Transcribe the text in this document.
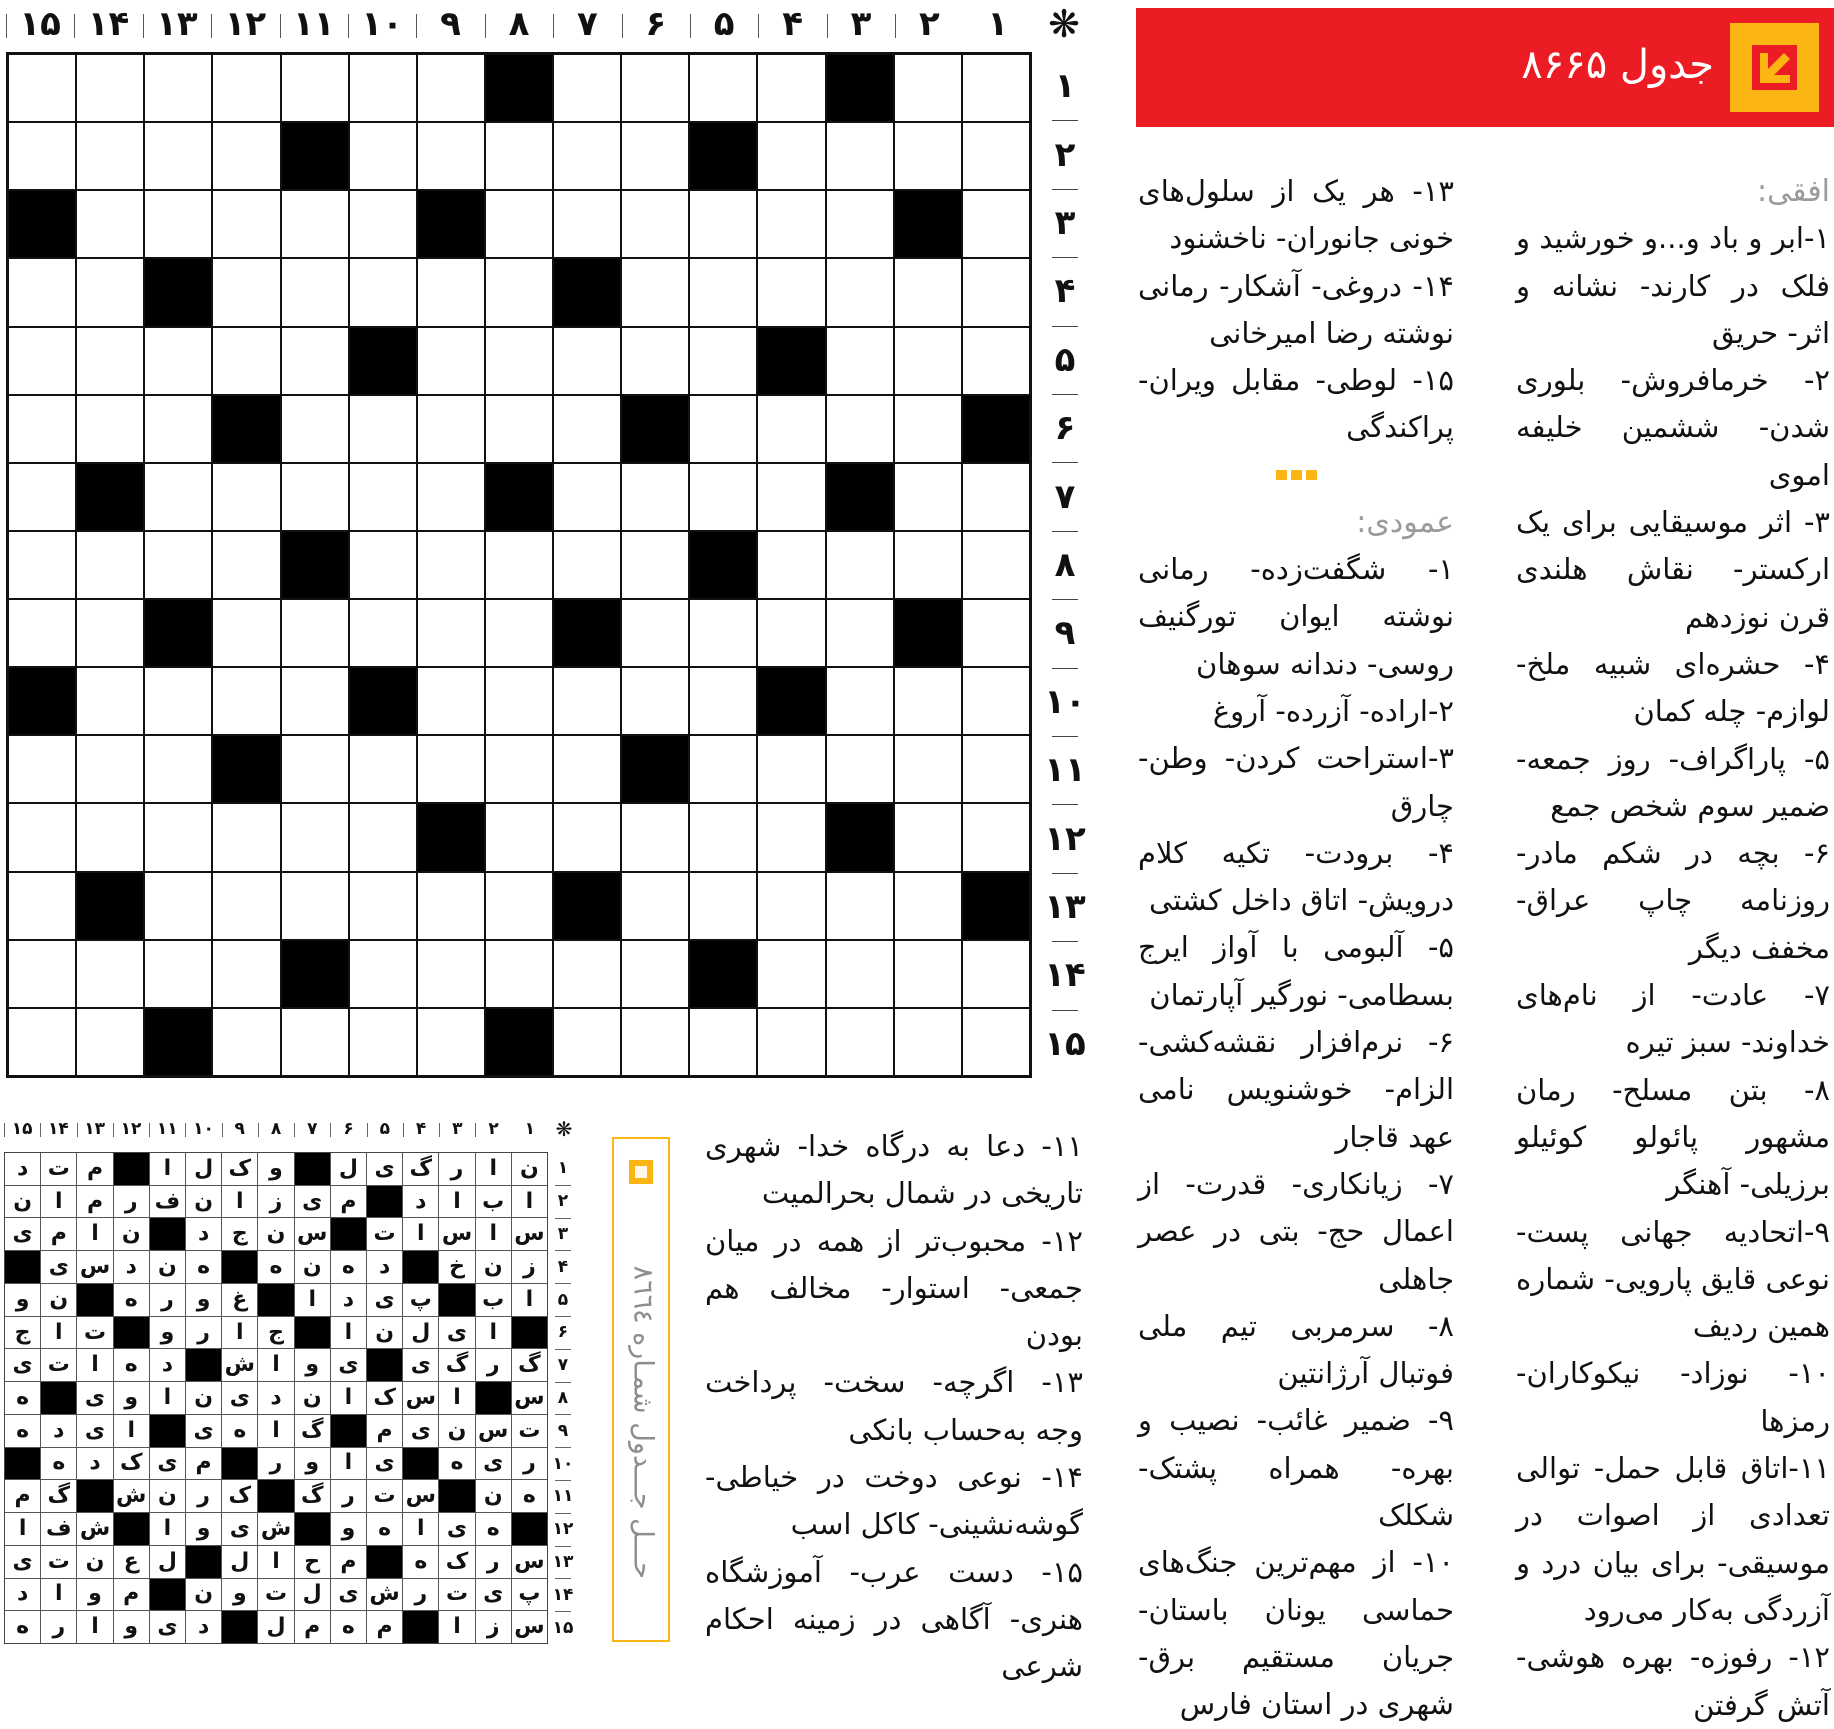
۱
۲
۳
۴
۵
۶
۷
۸
۹
۱۰
۱۱
۱۲
۱۳
۱۴
۱۵	❋
۱
۲
۳
۴
۵
۶
۷
۸
۹
۱۰
۱۱
۱۲
۱۳
۱۴
۱۵
جدول ۸۶۶۵

افقی:

۱-ابر و باد و...و خورشید و فلک در کارند- نشانه و اثر- حریق

۲- خرمافروش- بلوری شدن- ششمین خلیفه اموی

۳- اثر موسیقایی برای یک ارکستر- نقاش هلندی قرن نوزدهم

۴- حشره‌ای شبیه ملخ- لوازم- چله کمان

۵- پاراگراف- روز جمعه- ضمیر سوم شخص جمع

۶- بچه در شکم مادر- روزنامه چاپ عراق- مخفف دیگر

۷- عادت- از نام‌های خداوند- سبز تیره

۸- بتن مسلح- رمان مشهور پائولو کوئیلو برزیلی- آهنگر

۹-اتحادیه جهانی پست- نوعی قایق پارویی- شماره همین ردیف

۱۰- نوزاد- نیکوکاران- رمزها

۱۱-اتاق قابل حمل- توالی تعدادی از اصوات در موسیقی- برای بیان درد و آزردگی به‌کار می‌رود

۱۲- رفوزه- بهره هوشی- آتش گرفتن

۱۳- هر یک از سلول‌های خونی جانوران- ناخشنود

۱۴- دروغی- آشکار- رمانی نوشته رضا امیرخانی

۱۵- لوطی- مقابل ویران- پراکندگی

عمودی:

۱- شگفت‌زده- رمانی نوشته ایوان تورگنیف روسی- دندانه سوهان

۲-اراده- آزرده- آروغ

۳-استراحت کردن- وطن- چارق

۴- برودت- تکیه کلام درویش- اتاق داخل کشتی

۵- آلبومی با آواز ایرج بسطامی- نورگیر آپارتمان

۶- نرم‌افزار نقشه‌کشی- الزام- خوشنویس نامی عهد قاجار

۷- زیانکاری- قدرت- از اعمال حج- بتی در عصر جاهلی

۸- سرمربی تیم ملی فوتبال آرژانتین

۹- ضمیر غائب- نصیب و بهره- همراه پشتک- شکلک

۱۰- از مهم‌ترین جنگ‌های حماسی یونان باستان- جریان مستقیم برق- شهری در استان فارس

۱۱- دعا به درگاه خدا- شهری تاریخی در شمال بحرالمیت

۱۲- محبوب‌تر از همه در میان جمعی- استوار- مخالف هم بودن

۱۳- اگرچه- سخت- پرداخت وجه به‌حساب بانکی

۱۴- نوعی دوخت در خیاطی- گوشه‌نشینی- کاکل اسب

۱۵- دست عرب- آموزشگاه هنری- آگاهی در زمینه احکام شرعی

حـــل جـــدول شمـاره ۸٦٦٤
۱
۲
۳
۴
۵
۶
۷
۸
۹
۱۰
۱۱
۱۲
۱۳
۱۴
۱۵	❋
ن
ا
ر
گ
ی
ل
و
ک
ل
ا
م
ت
د
ا
ب
ا
د
م
ی
ز
ا
ن
ف
ر
م
ا
ن
س
ا
س
ا
ت
س
ن
ج
د
ن
ا
م
ی
ز
ن
خ
د
ه
ن
ه
ه
ن
د
س
ی
ا
ب
پ
ی
د
ا
غ
و
ر
ه
ن
و
ا
ی
ل
ن
ا
ج
ا
ر
و
ت
ا
ج
گ
ر
گ
ی
ی
و
ا
ش
د
ه
ا
ت
ی
س
ا
س
ک
ا
ن
د
ی
ن
ا
و
ی
ه
ت
س
ن
ی
م
گ
ا
ه
ی
ا
ی
د
ه
ر
ی
ه
ی
ا
و
ر
م
ی
ک
د
ه
ه
ن
س
ت
ر
گ
ک
ر
ن
ش
گ
م
ه
ی
ا
ه
و
ش
ی
و
ا
ش
ف
ا
س
ر
ک
ه
م
ح
ا
ل
ل
ع
ن
ت
ی
پ
ی
ت
ر
ش
ی
ل
ت
و
ن
م
و
ا
د
س
ز
ا
م
ه
م
ل
د
ی
و
ا
ر
ه
۱
۲
۳
۴
۵
۶
۷
۸
۹
۱۰
۱۱
۱۲
۱۳
۱۴
۱۵
